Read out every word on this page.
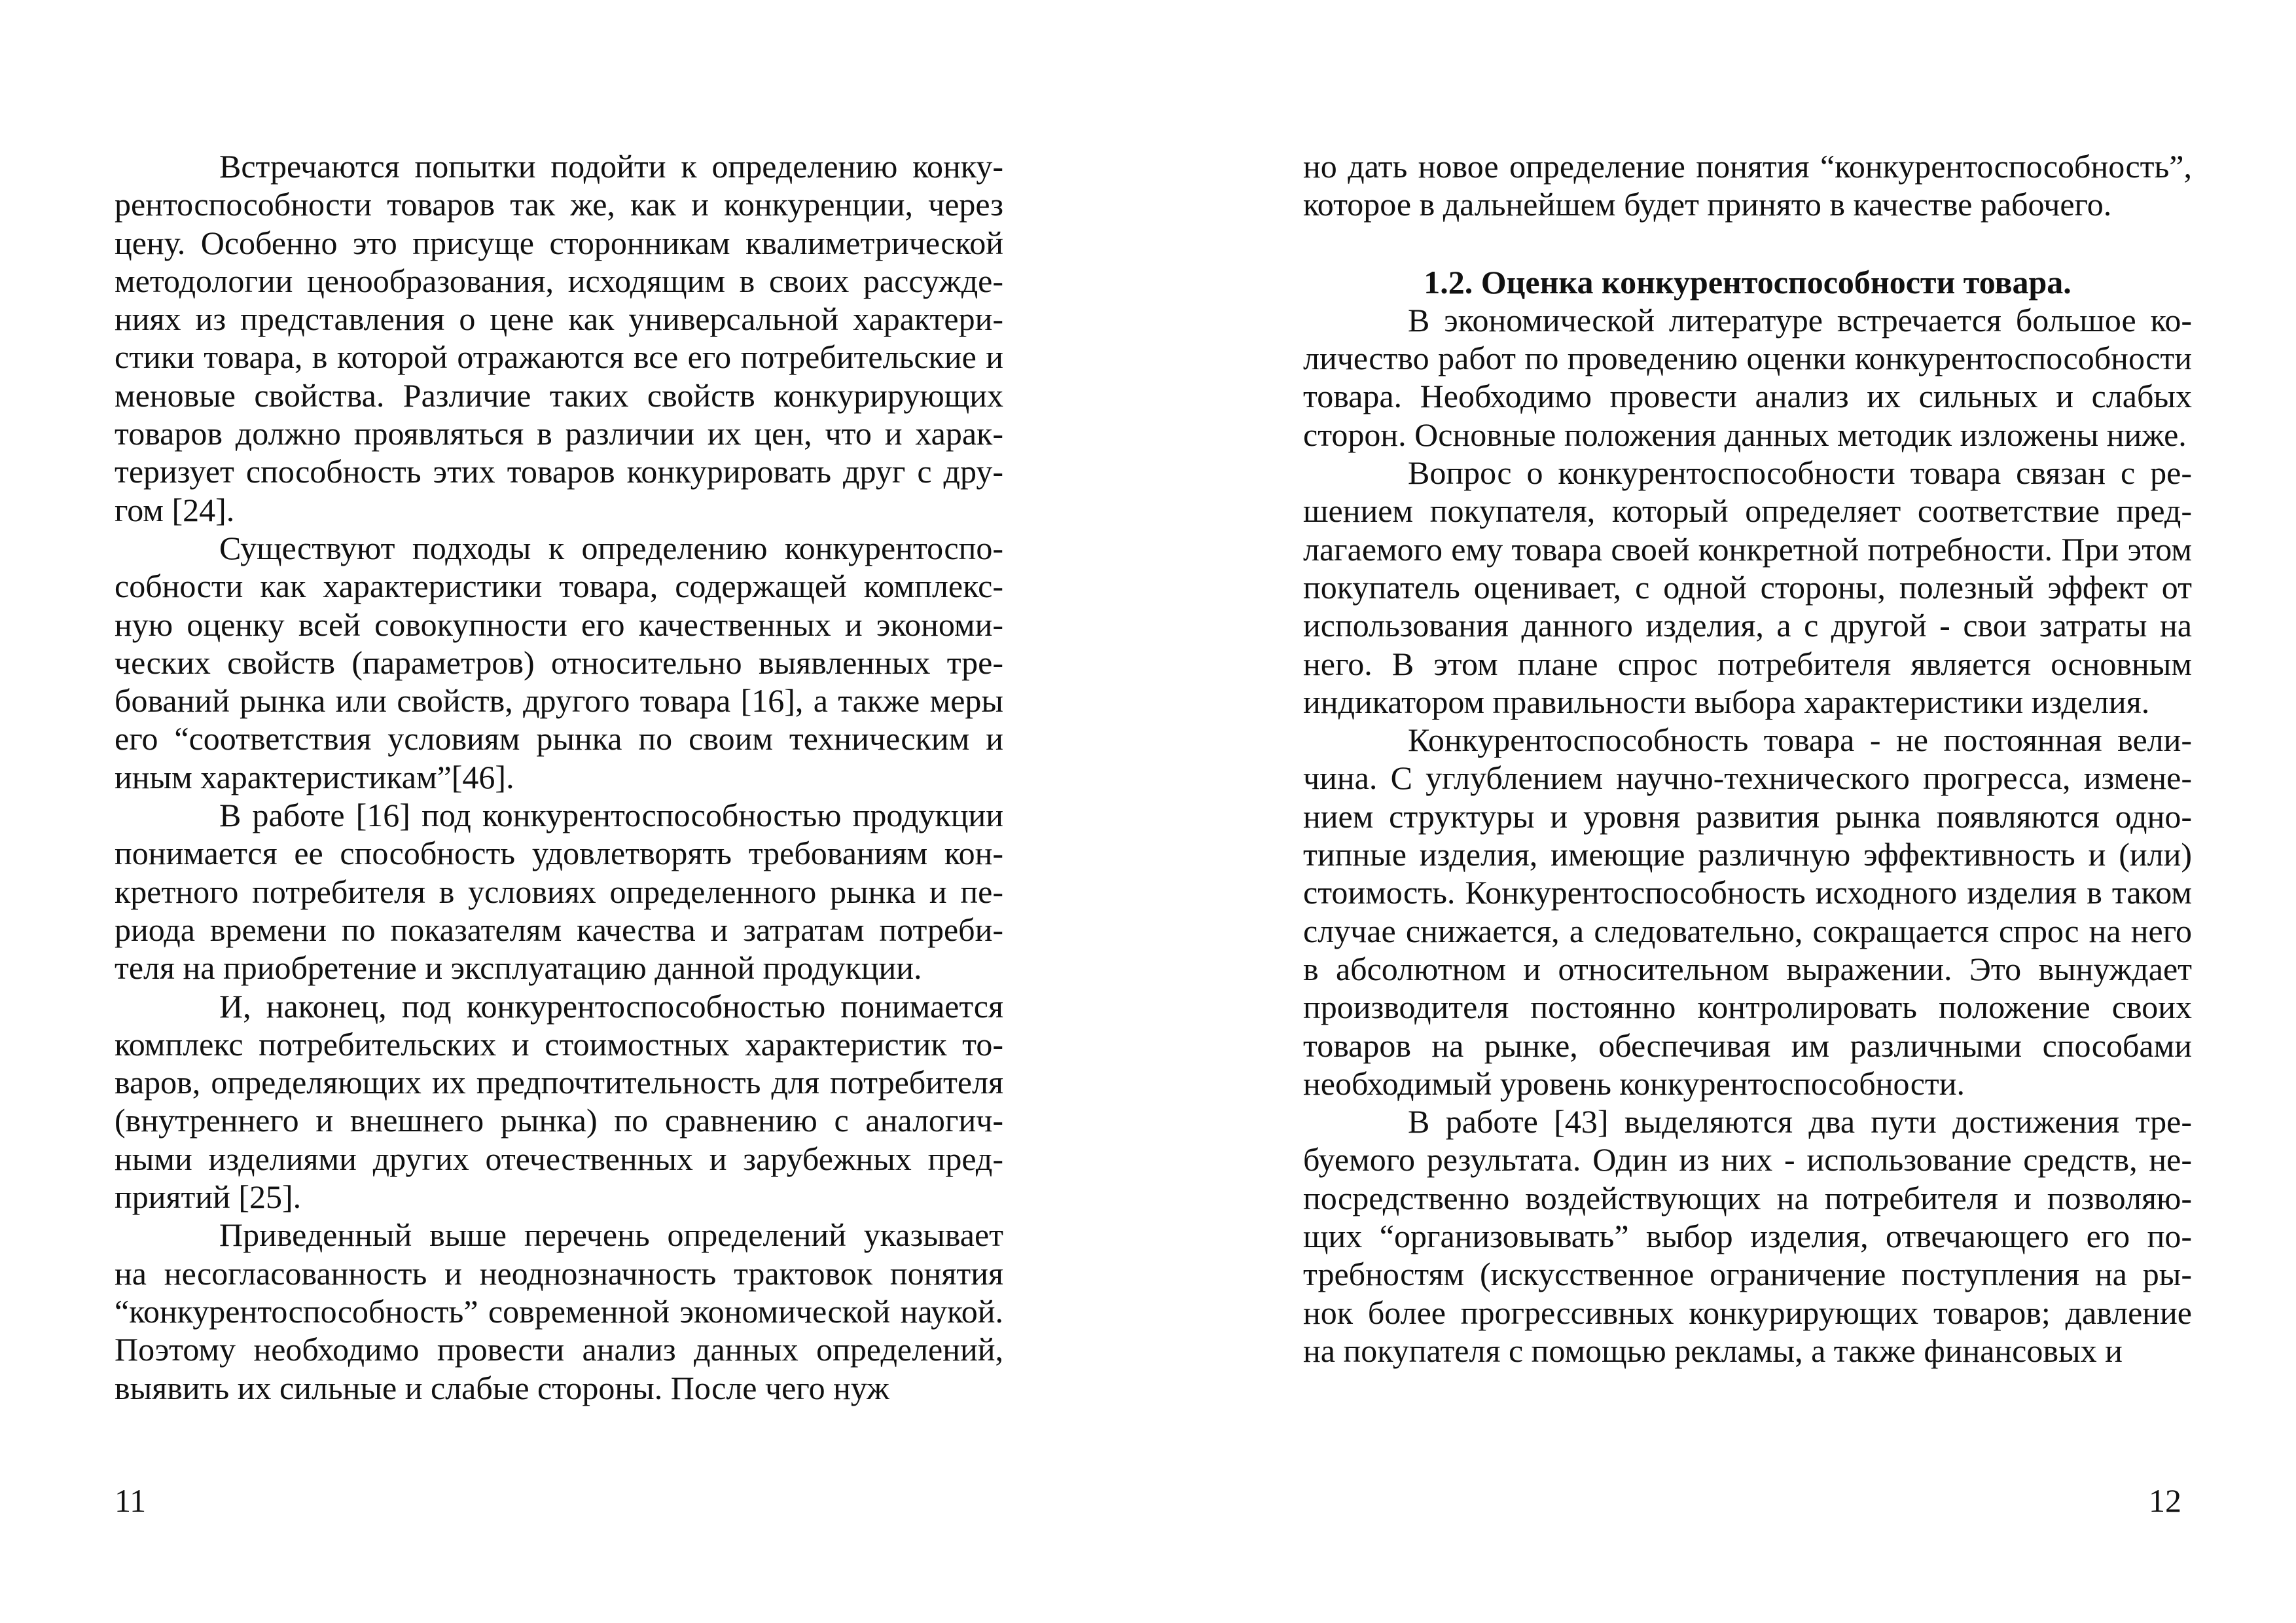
Встречаются попытки подойти к определению конкурентоспособности товаров так же, как и конкуренции, через цену. Особенно это присуще сторонникам квалиметрической методологии ценообразования, исходящим в своих рассуждениях из представления о цене как универсальной характеристики товара, в которой отражаются все его потребительские и меновые свойства. Различие таких свойств конкурирующих товаров должно проявляться в различии их цен, что и характеризует способность этих товаров конкурировать друг с другом [24].

Существуют подходы к определению конкурентоспособности как характеристики товара, содержащей комплексную оценку всей совокупности его качественных и экономических свойств (параметров) относительно выявленных требований рынка или свойств, другого товара [16], а также меры его “соответствия условиям рынка по своим техническим и иным характеристикам”[46].

В работе [16] под конкурентоспособностью продукции понимается ее способность удовлетворять требованиям конкретного потребителя в условиях определенного рынка и периода времени по показателям качества и затратам потребителя на приобретение и эксплуатацию данной продукции.

И, наконец, под конкурентоспособностью понимается комплекс потребительских и стоимостных характеристик товаров, определяющих их предпочтительность для потребителя (внутреннего и внешнего рынка) по сравнению с аналогичными изделиями других отечественных и зарубежных предприятий [25].

Приведенный выше перечень определений указывает на несогласованность и неоднозначность трактовок понятия “конкурентоспособность” современной экономической наукой. Поэтому необходимо провести анализ данных определений, выявить их сильные и слабые стороны. После чего нуж

11

но дать новое определение понятия “конкурентоспособность”, которое в дальнейшем будет принято в качестве рабочего.

1.2. Оценка конкурентоспособности товара.

В экономической литературе встречается большое количество работ по проведению оценки конкурентоспособности товара. Необходимо провести анализ их сильных и слабых сторон. Основные положения данных методик изложены ниже.

Вопрос о конкурентоспособности товара связан с решением покупателя, который определяет соответствие предлагаемого ему товара своей конкретной потребности. При этом покупатель оценивает, с одной стороны, полезный эффект от использования данного изделия, а с другой - свои затраты на него. В этом плане спрос потребителя является основным индикатором правильности выбора характеристики изделия.

Конкурентоспособность товара - не постоянная величина. С углублением научно-технического прогресса, изменением структуры и уровня развития рынка появляются однотипные изделия, имеющие различную эффективность и (или) стоимость. Конкурентоспособность исходного изделия в таком случае снижается, а следовательно, сокращается спрос на него в абсолютном и относительном выражении. Это вынуждает производителя постоянно контролировать положение своих товаров на рынке, обеспечивая им различными способами необходимый уровень конкурентоспособности.

В работе [43] выделяются два пути достижения требуемого результата. Один из них - использование средств, непосредственно воздействующих на потребителя и позволяющих “организовывать” выбор изделия, отвечающего его потребностям (искусственное ограничение поступления на рынок более прогрессивных конкурирующих товаров; давление на покупателя с помощью рекламы, а также финансовых и

12
